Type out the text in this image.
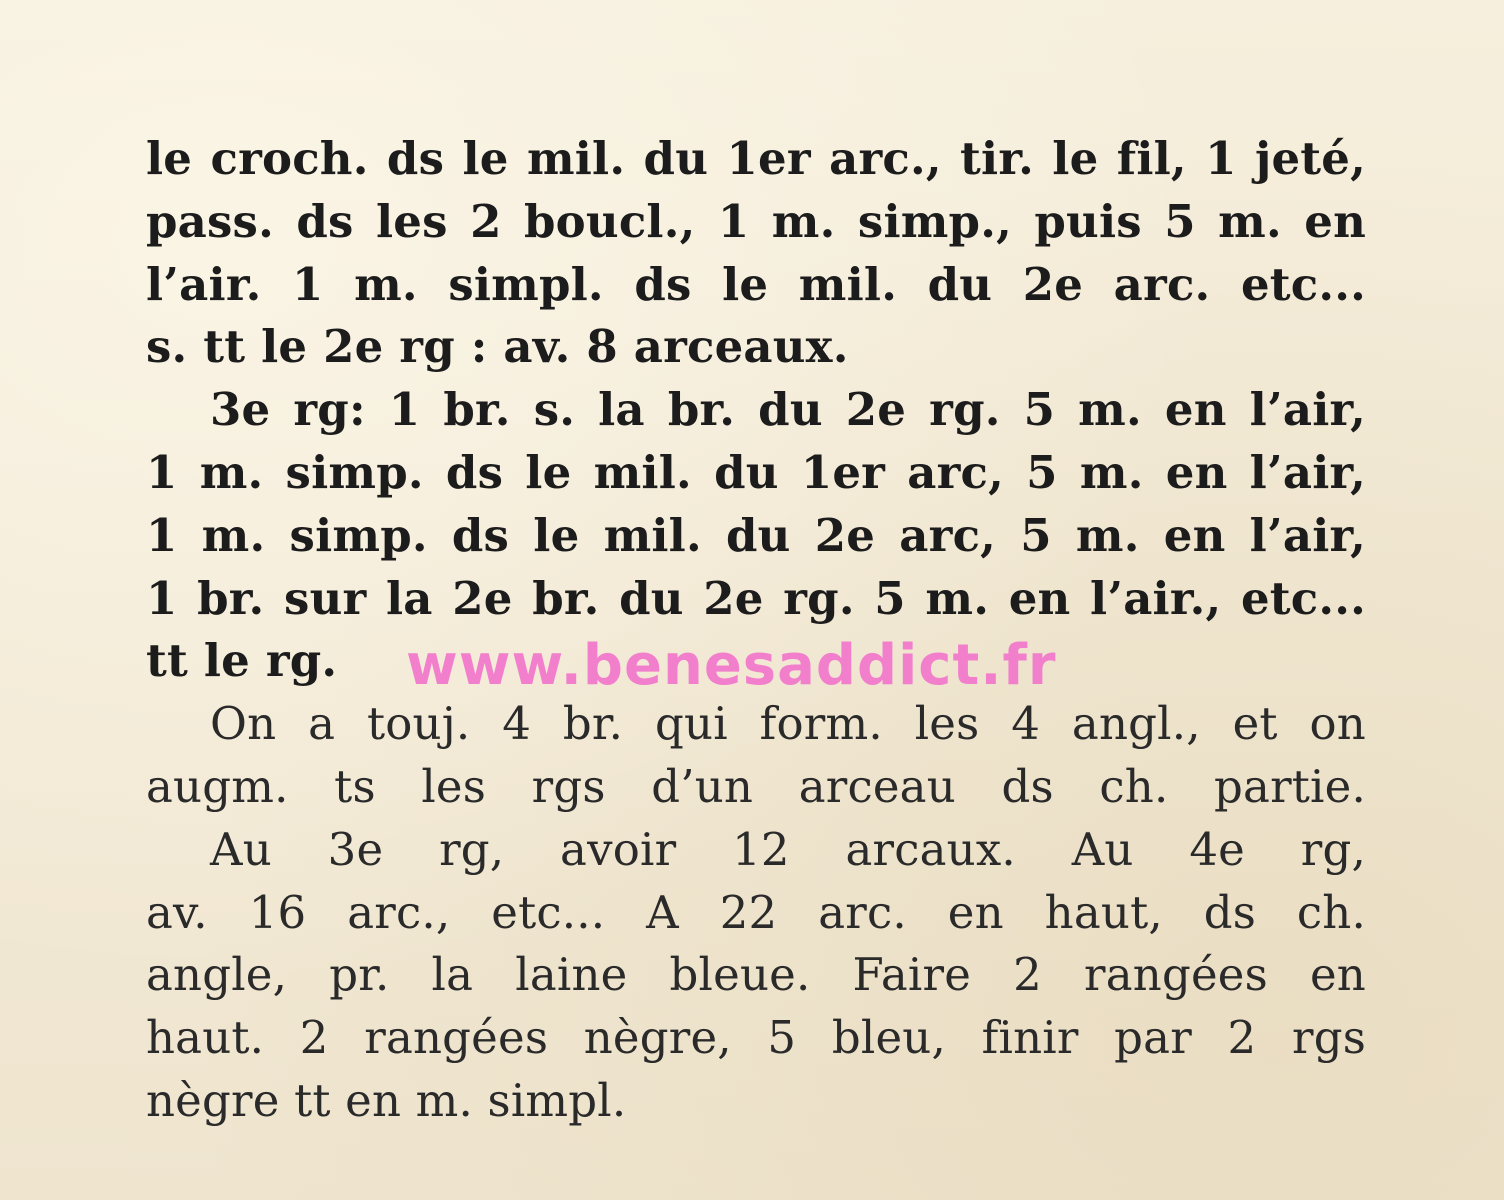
le croch. ds le mil. du 1er arc., tir. le fil, 1 jeté,
pass. ds les 2 boucl., 1 m. simp., puis 5 m. en
l’air. 1 m. simpl. ds le mil. du 2e arc. etc...
s. tt le 2e rg : av. 8 arceaux.
3e rg: 1 br. s. la br. du 2e rg. 5 m. en l’air,
1 m. simp. ds le mil. du 1er arc, 5 m. en l’air,
1 m. simp. ds le mil. du 2e arc, 5 m. en l’air,
1 br. sur la 2e br. du 2e rg. 5 m. en l’air., etc...
tt le rg.
On a touj. 4 br. qui form. les 4 angl., et on
augm. ts les rgs d’un arceau ds ch. partie.
Au 3e rg, avoir 12 arcaux. Au 4e rg,
av. 16 arc., etc... A 22 arc. en haut, ds ch.
angle, pr. la laine bleue. Faire 2 rangées en
haut. 2 rangées nègre, 5 bleu, finir par 2 rgs
nègre tt en m. simpl.
www.benesaddict.fr
